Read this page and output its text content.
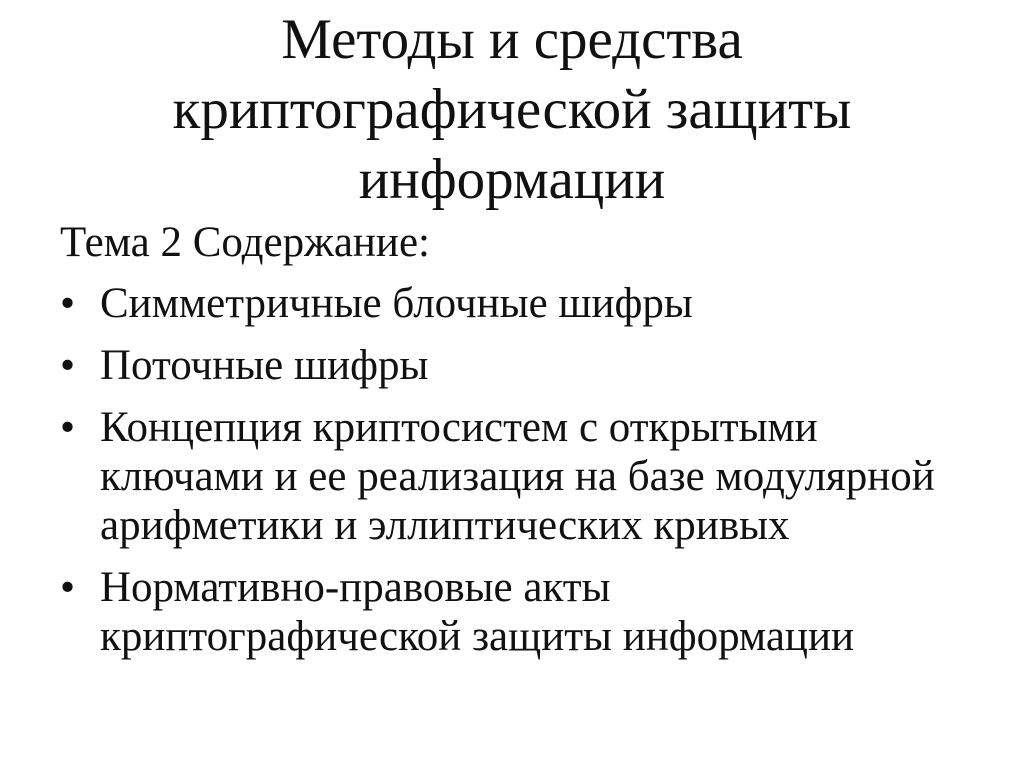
Методы и средства
криптографической защиты
информации
Тема 2 Содержание:
• Симметричные блочные шифры
• Поточные шифры
• Концепция криптосистем с открытыми ключами и ее реализация на базе модулярной арифметики и эллиптических кривых
• Нормативно-правовые акты криптографической защиты информации
